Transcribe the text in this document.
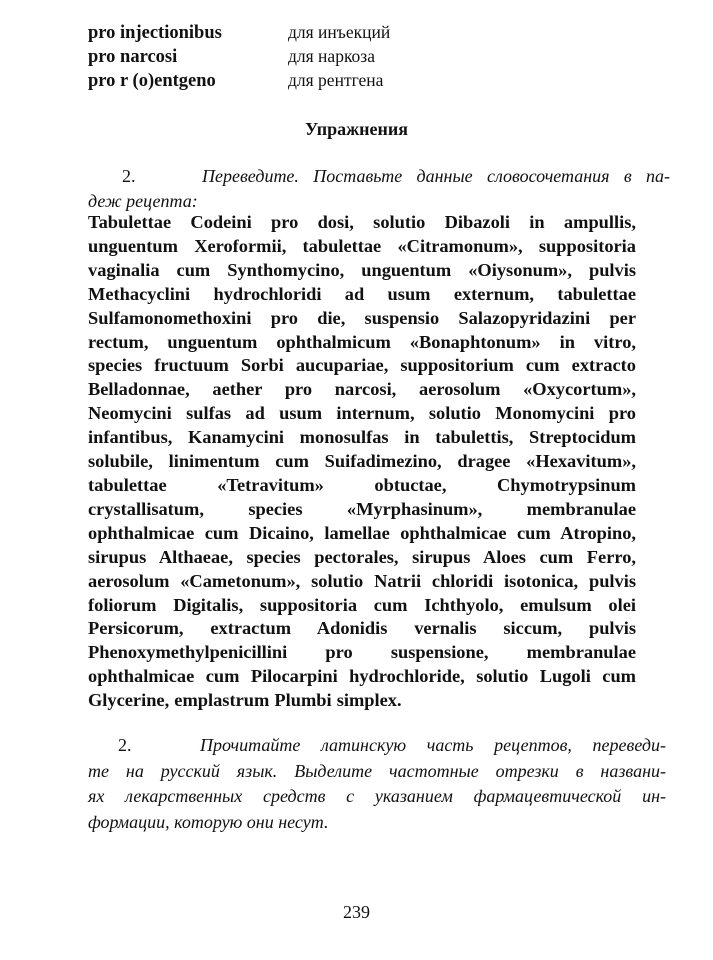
pro injectionibus	для инъекций
pro narcosi	для наркоза
pro r (o)entgeno	для рентгена
Упражнения
2.	Переведите. Поставьте данные словосочетания в па-
деж рецепта:
Tabulettae Codeini pro dosi, solutio Dibazoli in ampullis,
unguentum Xeroformii, tabulettae «Citramonum», suppositoria
vaginalia cum Synthomycino, unguentum «Oiysonum», pulvis
Methacyclini hydrochloridi ad usum externum, tabulettae
Sulfamonomethoxini pro die, suspensio Salazopyridazini per
rectum, unguentum ophthalmicum «Bonaphtonum» in vitro,
species fructuum Sorbi aucupariae, suppositorium cum extracto
Belladonnae, aether pro narcosi, aerosolum «Oxycortum»,
Neomycini sulfas ad usum internum, solutio Monomycini pro
infantibus, Kanamycini monosulfas in tabulettis, Streptocidum
solubile, linimentum cum Suifadimezino, dragee «Hexavitum»,
tabulettae «Tetravitum» obtuctae, Chymotrypsinum
crystallisatum, species «Myrphasinum», membranulae
ophthalmicae cum Dicaino, lamellae ophthalmicae cum Atropino,
sirupus Althaeae, species pectorales, sirupus Aloes cum Ferro,
aerosolum «Cametonum», solutio Natrii chloridi isotonica, pulvis
foliorum Digitalis, suppositoria cum Ichthyolo, emulsum olei
Persicorum, extractum Adonidis vernalis siccum, pulvis
Phenoxymethylpenicillini pro suspensione, membranulae
ophthalmicae cum Pilocarpini hydrochloride, solutio Lugoli cum
Glycerine, emplastrum Plumbi simplex.
2.	Прочитайте латинскую часть рецептов, переведи-
те на русский язык. Выделите частотные отрезки в названи-
ях лекарственных средств с указанием фармацевтической ин-
формации, которую они несут.
239
